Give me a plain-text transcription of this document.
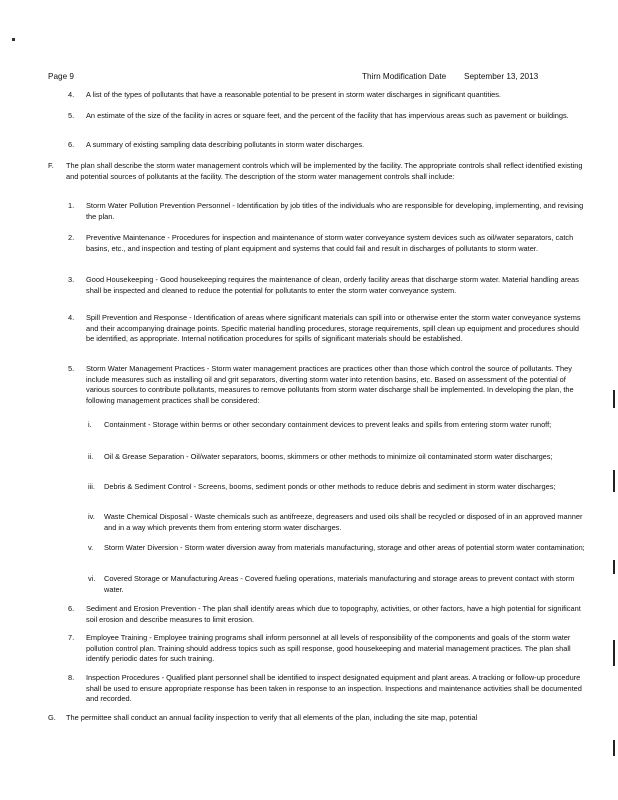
Page 9	Thirn Modification Date September 13, 2013
4. A list of the types of pollutants that have a reasonable potential to be present in storm water discharges in significant quantities.
5. An estimate of the size of the facility in acres or square feet, and the percent of the facility that has impervious areas such as pavement or buildings.
6. A summary of existing sampling data describing pollutants in storm water discharges.
F. The plan shall describe the storm water management controls which will be implemented by the facility. The appropriate controls shall reflect identified existing and potential sources of pollutants at the facility. The description of the storm water management controls shall include:
1. Storm Water Pollution Prevention Personnel - Identification by job titles of the individuals who are responsible for developing, implementing, and revising the plan.
2. Preventive Maintenance - Procedures for inspection and maintenance of storm water conveyance system devices such as oil/water separators, catch basins, etc., and inspection and testing of plant equipment and systems that could fail and result in discharges of pollutants to storm water.
3. Good Housekeeping - Good housekeeping requires the maintenance of clean, orderly facility areas that discharge storm water. Material handling areas shall be inspected and cleaned to reduce the potential for pollutants to enter the storm water conveyance system.
4. Spill Prevention and Response - Identification of areas where significant materials can spill into or otherwise enter the storm water conveyance systems and their accompanying drainage points. Specific material handling procedures, storage requirements, spill clean up equipment and procedures should be identified, as appropriate. Internal notification procedures for spills of significant materials should be established.
5. Storm Water Management Practices - Storm water management practices are practices other than those which control the source of pollutants. They include measures such as installing oil and grit separators, diverting storm water into retention basins, etc. Based on assessment of the potential of various sources to contribute pollutants, measures to remove pollutants from storm water discharge shall be implemented. In developing the plan, the following management practices shall be considered:
i. Containment - Storage within berms or other secondary containment devices to prevent leaks and spills from entering storm water runoff;
ii. Oil & Grease Separation - Oil/water separators, booms, skimmers or other methods to minimize oil contaminated storm water discharges;
iii. Debris & Sediment Control - Screens, booms, sediment ponds or other methods to reduce debris and sediment in storm water discharges;
iv. Waste Chemical Disposal - Waste chemicals such as antifreeze, degreasers and used oils shall be recycled or disposed of in an approved manner and in a way which prevents them from entering storm water discharges.
v. Storm Water Diversion - Storm water diversion away from materials manufacturing, storage and other areas of potential storm water contamination;
vi. Covered Storage or Manufacturing Areas - Covered fueling operations, materials manufacturing and storage areas to prevent contact with storm water.
6. Sediment and Erosion Prevention - The plan shall identify areas which due to topography, activities, or other factors, have a high potential for significant soil erosion and describe measures to limit erosion.
7. Employee Training - Employee training programs shall inform personnel at all levels of responsibility of the components and goals of the storm water pollution control plan. Training should address topics such as spill response, good housekeeping and material management practices. The plan shall identify periodic dates for such training.
8. Inspection Procedures - Qualified plant personnel shall be identified to inspect designated equipment and plant areas. A tracking or follow-up procedure shall be used to ensure appropriate response has been taken in response to an inspection. Inspections and maintenance activities shall be documented and recorded.
G. The permittee shall conduct an annual facility inspection to verify that all elements of the plan, including the site map, potential
